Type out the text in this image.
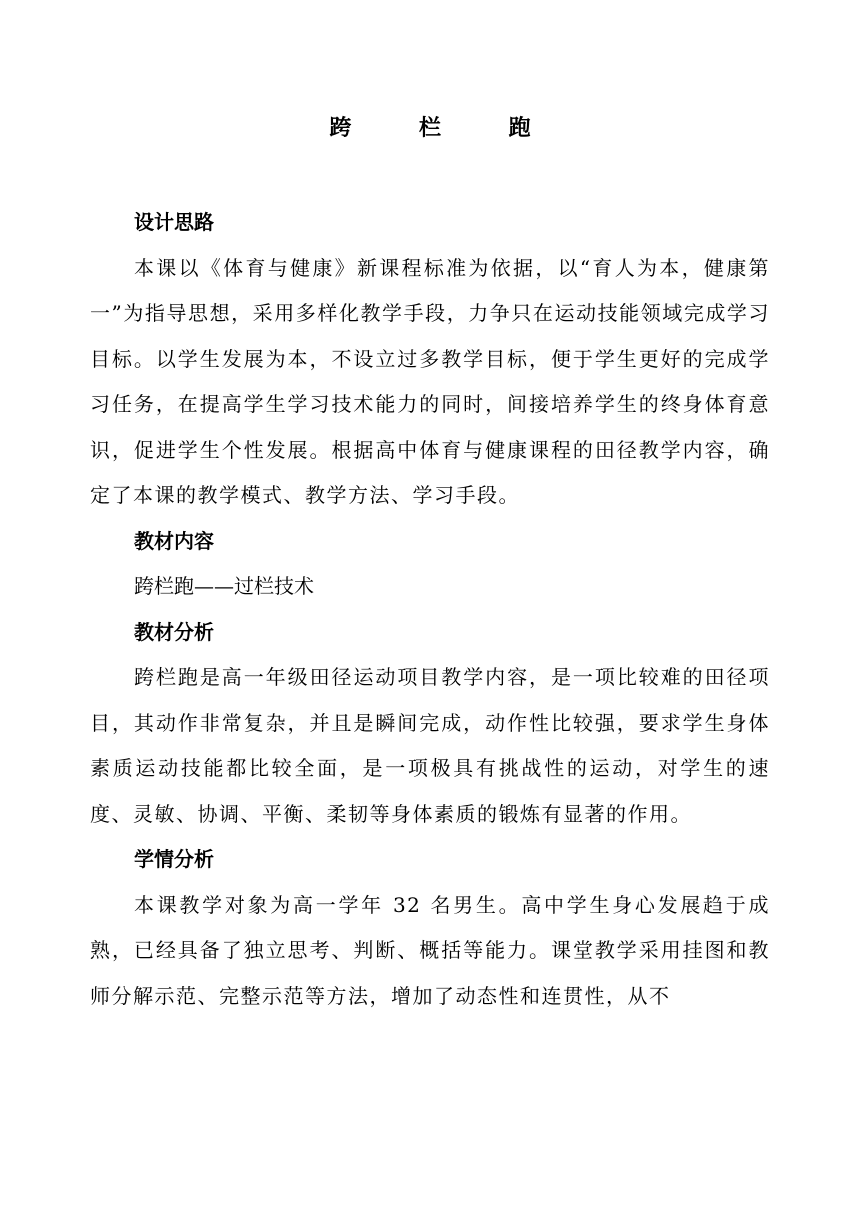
跨 栏 跑

设计思路

本课以《体育与健康》新课程标准为依据，以“育人为本，健康第一”为指导思想，采用多样化教学手段，力争只在运动技能领域完成学习目标。以学生发展为本，不设立过多教学目标，便于学生更好的完成学习任务，在提高学生学习技术能力的同时，间接培养学生的终身体育意识，促进学生个性发展。根据高中体育与健康课程的田径教学内容，确定了本课的教学模式、教学方法、学习手段。

教材内容

跨栏跑——过栏技术

教材分析

跨栏跑是高一年级田径运动项目教学内容，是一项比较难的田径项目，其动作非常复杂，并且是瞬间完成，动作性比较强，要求学生身体素质运动技能都比较全面，是一项极具有挑战性的运动，对学生的速度、灵敏、协调、平衡、柔韧等身体素质的锻炼有显著的作用。

学情分析

本课教学对象为高一学年 32 名男生。高中学生身心发展趋于成熟，已经具备了独立思考、判断、概括等能力。课堂教学采用挂图和教师分解示范、完整示范等方法，增加了动态性和连贯性，从不
